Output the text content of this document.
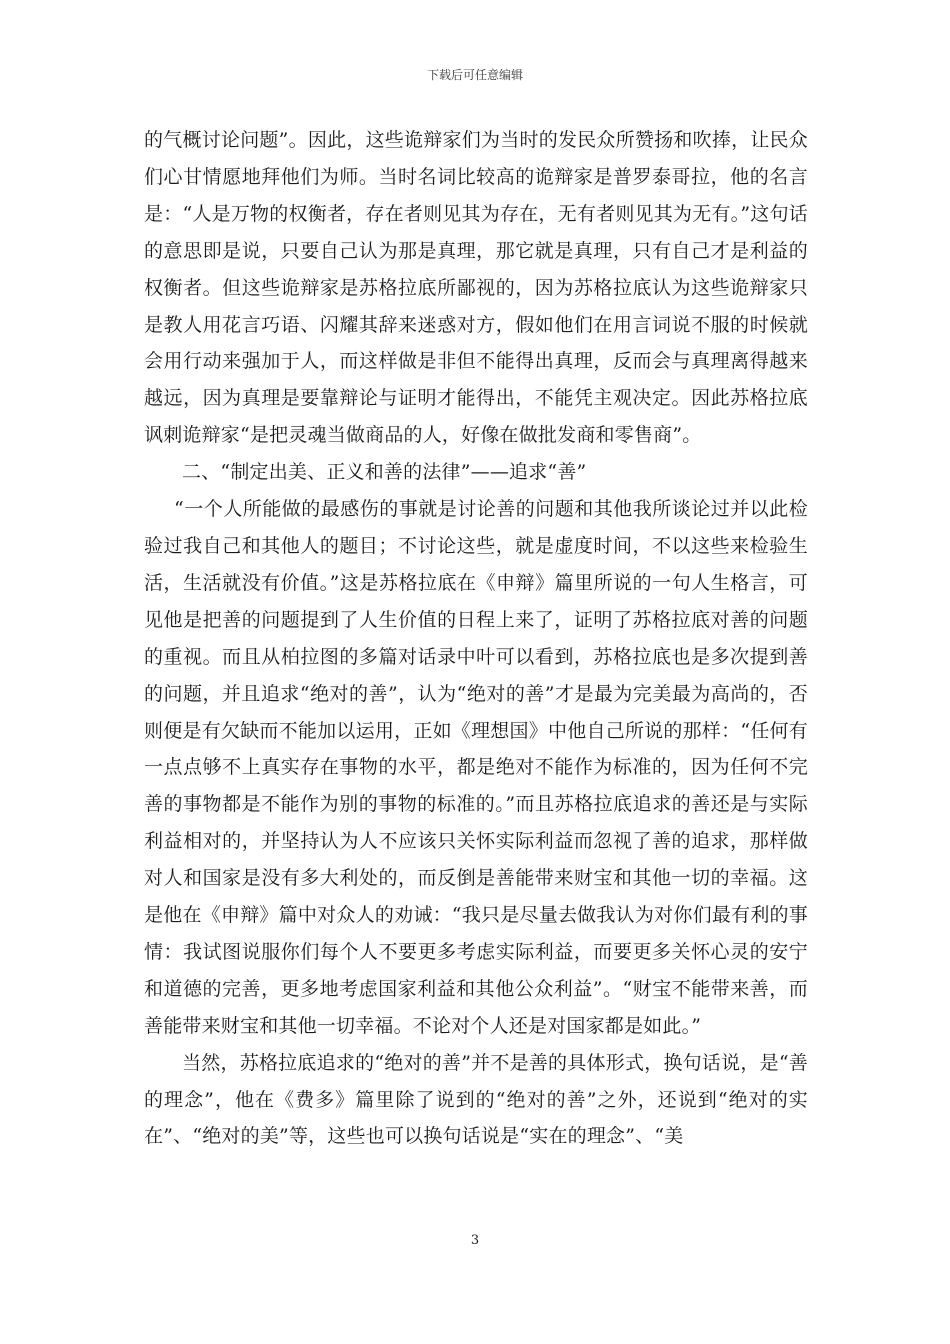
下载后可任意编辑

的气概讨论问题”。因此，这些诡辩家们为当时的发民众所赞扬和吹捧，让民众们心甘情愿地拜他们为师。当时名词比较高的诡辩家是普罗泰哥拉，他的名言是：“人是万物的权衡者，存在者则见其为存在，无有者则见其为无有。”这句话的意思即是说，只要自己认为那是真理，那它就是真理，只有自己才是利益的权衡者。但这些诡辩家是苏格拉底所鄙视的，因为苏格拉底认为这些诡辩家只是教人用花言巧语、闪耀其辞来迷惑对方，假如他们在用言词说不服的时候就会用行动来强加于人，而这样做是非但不能得出真理，反而会与真理离得越来越远，因为真理是要靠辩论与证明才能得出，不能凭主观决定。因此苏格拉底讽刺诡辩家“是把灵魂当做商品的人，好像在做批发商和零售商”。

二、“制定出美、正义和善的法律”——追求“善”

“一个人所能做的最感伤的事就是讨论善的问题和其他我所谈论过并以此检验过我自己和其他人的题目；不讨论这些，就是虚度时间，不以这些来检验生活，生活就没有价值。”这是苏格拉底在《申辩》篇里所说的一句人生格言，可见他是把善的问题提到了人生价值的日程上来了，证明了苏格拉底对善的问题的重视。而且从柏拉图的多篇对话录中叶可以看到，苏格拉底也是多次提到善的问题，并且追求“绝对的善”，认为“绝对的善”才是最为完美最为高尚的，否则便是有欠缺而不能加以运用，正如《理想国》中他自己所说的那样：“任何有一点点够不上真实存在事物的水平，都是绝对不能作为标准的，因为任何不完善的事物都是不能作为别的事物的标准的。”而且苏格拉底追求的善还是与实际利益相对的，并坚持认为人不应该只关怀实际利益而忽视了善的追求，那样做对人和国家是没有多大利处的，而反倒是善能带来财宝和其他一切的幸福。这是他在《申辩》篇中对众人的劝诫：“我只是尽量去做我认为对你们最有利的事情：我试图说服你们每个人不要更多考虑实际利益，而要更多关怀心灵的安宁和道德的完善，更多地考虑国家利益和其他公众利益”。“财宝不能带来善，而善能带来财宝和其他一切幸福。不论对个人还是对国家都是如此。”

当然，苏格拉底追求的“绝对的善”并不是善的具体形式，换句话说，是“善的理念”，他在《费多》篇里除了说到的“绝对的善”之外，还说到“绝对的实在”、“绝对的美”等，这些也可以换句话说是“实在的理念”、“美

3
